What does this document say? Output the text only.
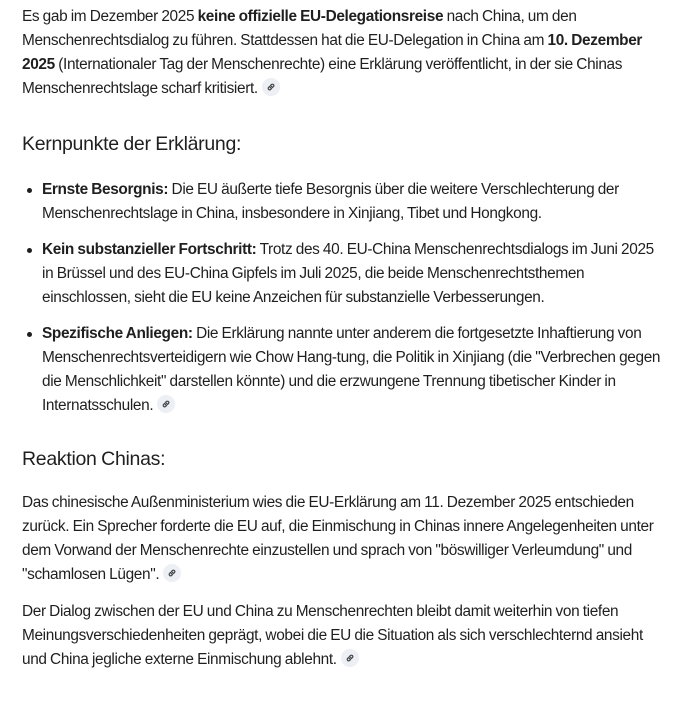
Es gab im Dezember 2025 keine offizielle EU-Delegationsreise nach China, um den Menschenrechtsdialog zu führen. Stattdessen hat die EU-Delegation in China am 10. Dezember 2025 (Internationaler Tag der Menschenrechte) eine Erklärung veröffentlicht, in der sie Chinas Menschenrechtslage scharf kritisiert.

Kernpunkte der Erklärung:
Ernste Besorgnis: Die EU äußerte tiefe Besorgnis über die weitere Verschlechterung der Menschenrechtslage in China, insbesondere in Xinjiang, Tibet und Hongkong.
Kein substanzieller Fortschritt: Trotz des 40. EU-China Menschenrechtsdialogs im Juni 2025 in Brüssel und des EU-China Gipfels im Juli 2025, die beide Menschenrechtsthemen einschlossen, sieht die EU keine Anzeichen für substanzielle Verbesserungen.
Spezifische Anliegen: Die Erklärung nannte unter anderem die fortgesetzte Inhaftierung von Menschenrechtsverteidigern wie Chow Hang-tung, die Politik in Xinjiang (die "Verbrechen gegen die Menschlichkeit" darstellen könnte) und die erzwungene Trennung tibetischer Kinder in Internatsschulen.
Reaktion Chinas:

Das chinesische Außenministerium wies die EU-Erklärung am 11. Dezember 2025 entschieden zurück. Ein Sprecher forderte die EU auf, die Einmischung in Chinas innere Angelegenheiten unter dem Vorwand der Menschenrechte einzustellen und sprach von "böswilliger Verleumdung" und "schamlosen Lügen".

Der Dialog zwischen der EU und China zu Menschenrechten bleibt damit weiterhin von tiefen Meinungsverschiedenheiten geprägt, wobei die EU die Situation als sich verschlechternd ansieht und China jegliche externe Einmischung ablehnt.
